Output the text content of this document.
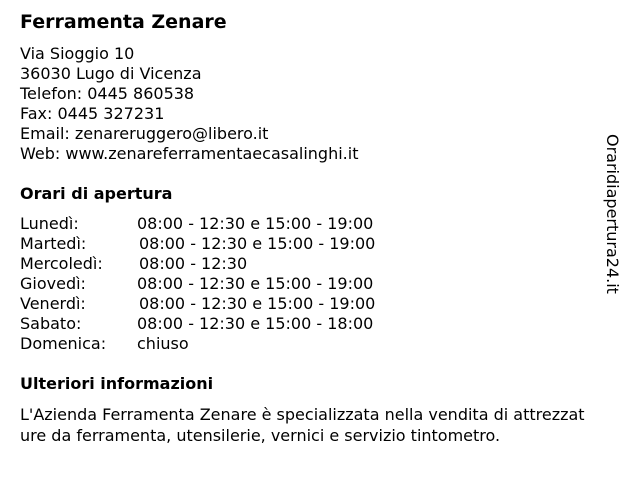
Ferramenta Zenare
Via Sioggio 10
36030 Lugo di Vicenza
Telefon: 0445 860538
Fax: 0445 327231
Email: zenareruggero@libero.it
Web: www.zenareferramentaecasalinghi.it
Orari di apertura
Lunedì:	08:00 - 12:30 e 15:00 - 19:00
Martedì:	08:00 - 12:30 e 15:00 - 19:00
Mercoledì: 08:00 - 12:30
Giovedì:	08:00 - 12:30 e 15:00 - 19:00
Venerdì:	08:00 - 12:30 e 15:00 - 19:00
Sabato:	08:00 - 12:30 e 15:00 - 18:00
Domenica: chiuso
Ulteriori informazioni
L'Azienda Ferramenta Zenare è specializzata nella vendita di attrezzature da ferramenta, utensilerie, vernici e servizio tintometro.
Oraridiapertura24.it
